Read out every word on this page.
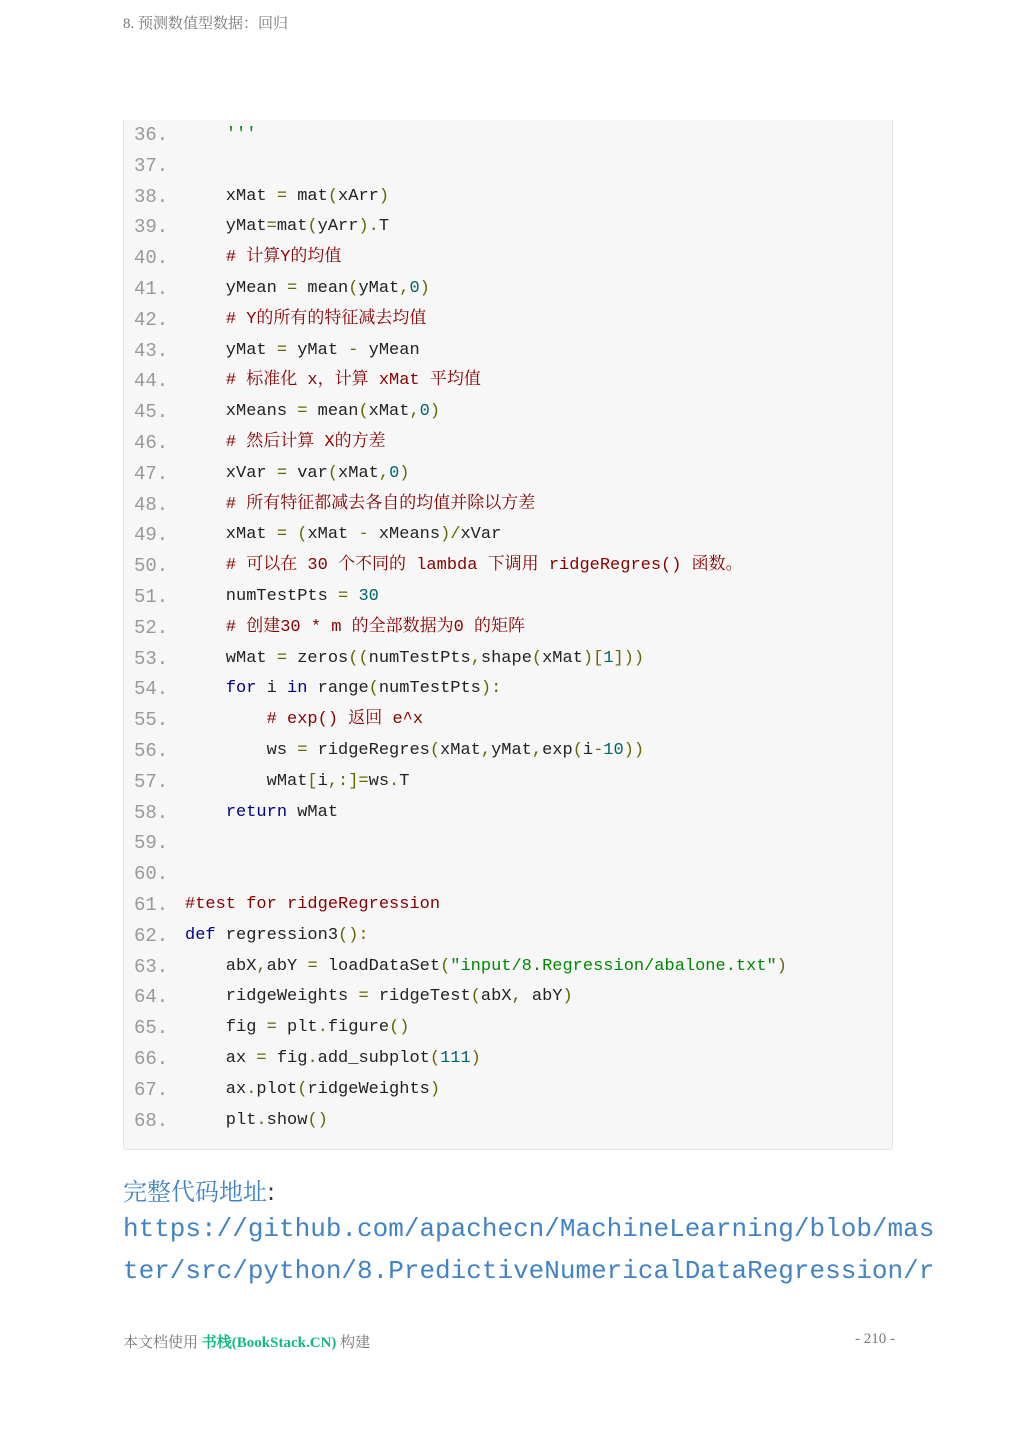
8. 预测数值型数据：回归
36.	'''
37.
38. xMat = mat(xArr)
39. yMat=mat(yArr).T
40.	# 计算Y的均值
41. yMean = mean(yMat,0)
42.	# Y的所有的特征减去均值
43. yMat = yMat - yMean
44.	# 标准化 x，计算 xMat 平均值
45. xMeans = mean(xMat,0)
46.	# 然后计算 X的方差
47. xVar = var(xMat,0)
48.	# 所有特征都减去各自的均值并除以方差
49. xMat = (xMat - xMeans)/xVar
50.	# 可以在 30 个不同的 lambda 下调用 ridgeRegres() 函数。
51. numTestPts = 30
52.	# 创建30 * m 的全部数据为0 的矩阵
53. wMat = zeros((numTestPts,shape(xMat)[1]))
54.	for i in range(numTestPts):
55.	# exp() 返回 e^x
56. ws = ridgeRegres(xMat,yMat,exp(i-10))
57. wMat[i,:]=ws.T
58.	return wMat
59.
60.
61. #test for ridgeRegression
62. def regression3():
63. abX,abY = loadDataSet("input/8.Regression/abalone.txt")
64. ridgeWeights = ridgeTest(abX, abY)
65. fig = plt.figure()
66. ax = fig.add_subplot(111)
67. ax.plot(ridgeWeights)
68. plt.show()
完整代码地址:
https://github.com/apachecn/MachineLearning/blob/mas
ter/src/python/8.PredictiveNumericalDataRegression/r
本文档使用 书栈(BookStack.CN) 构建	- 210 -
